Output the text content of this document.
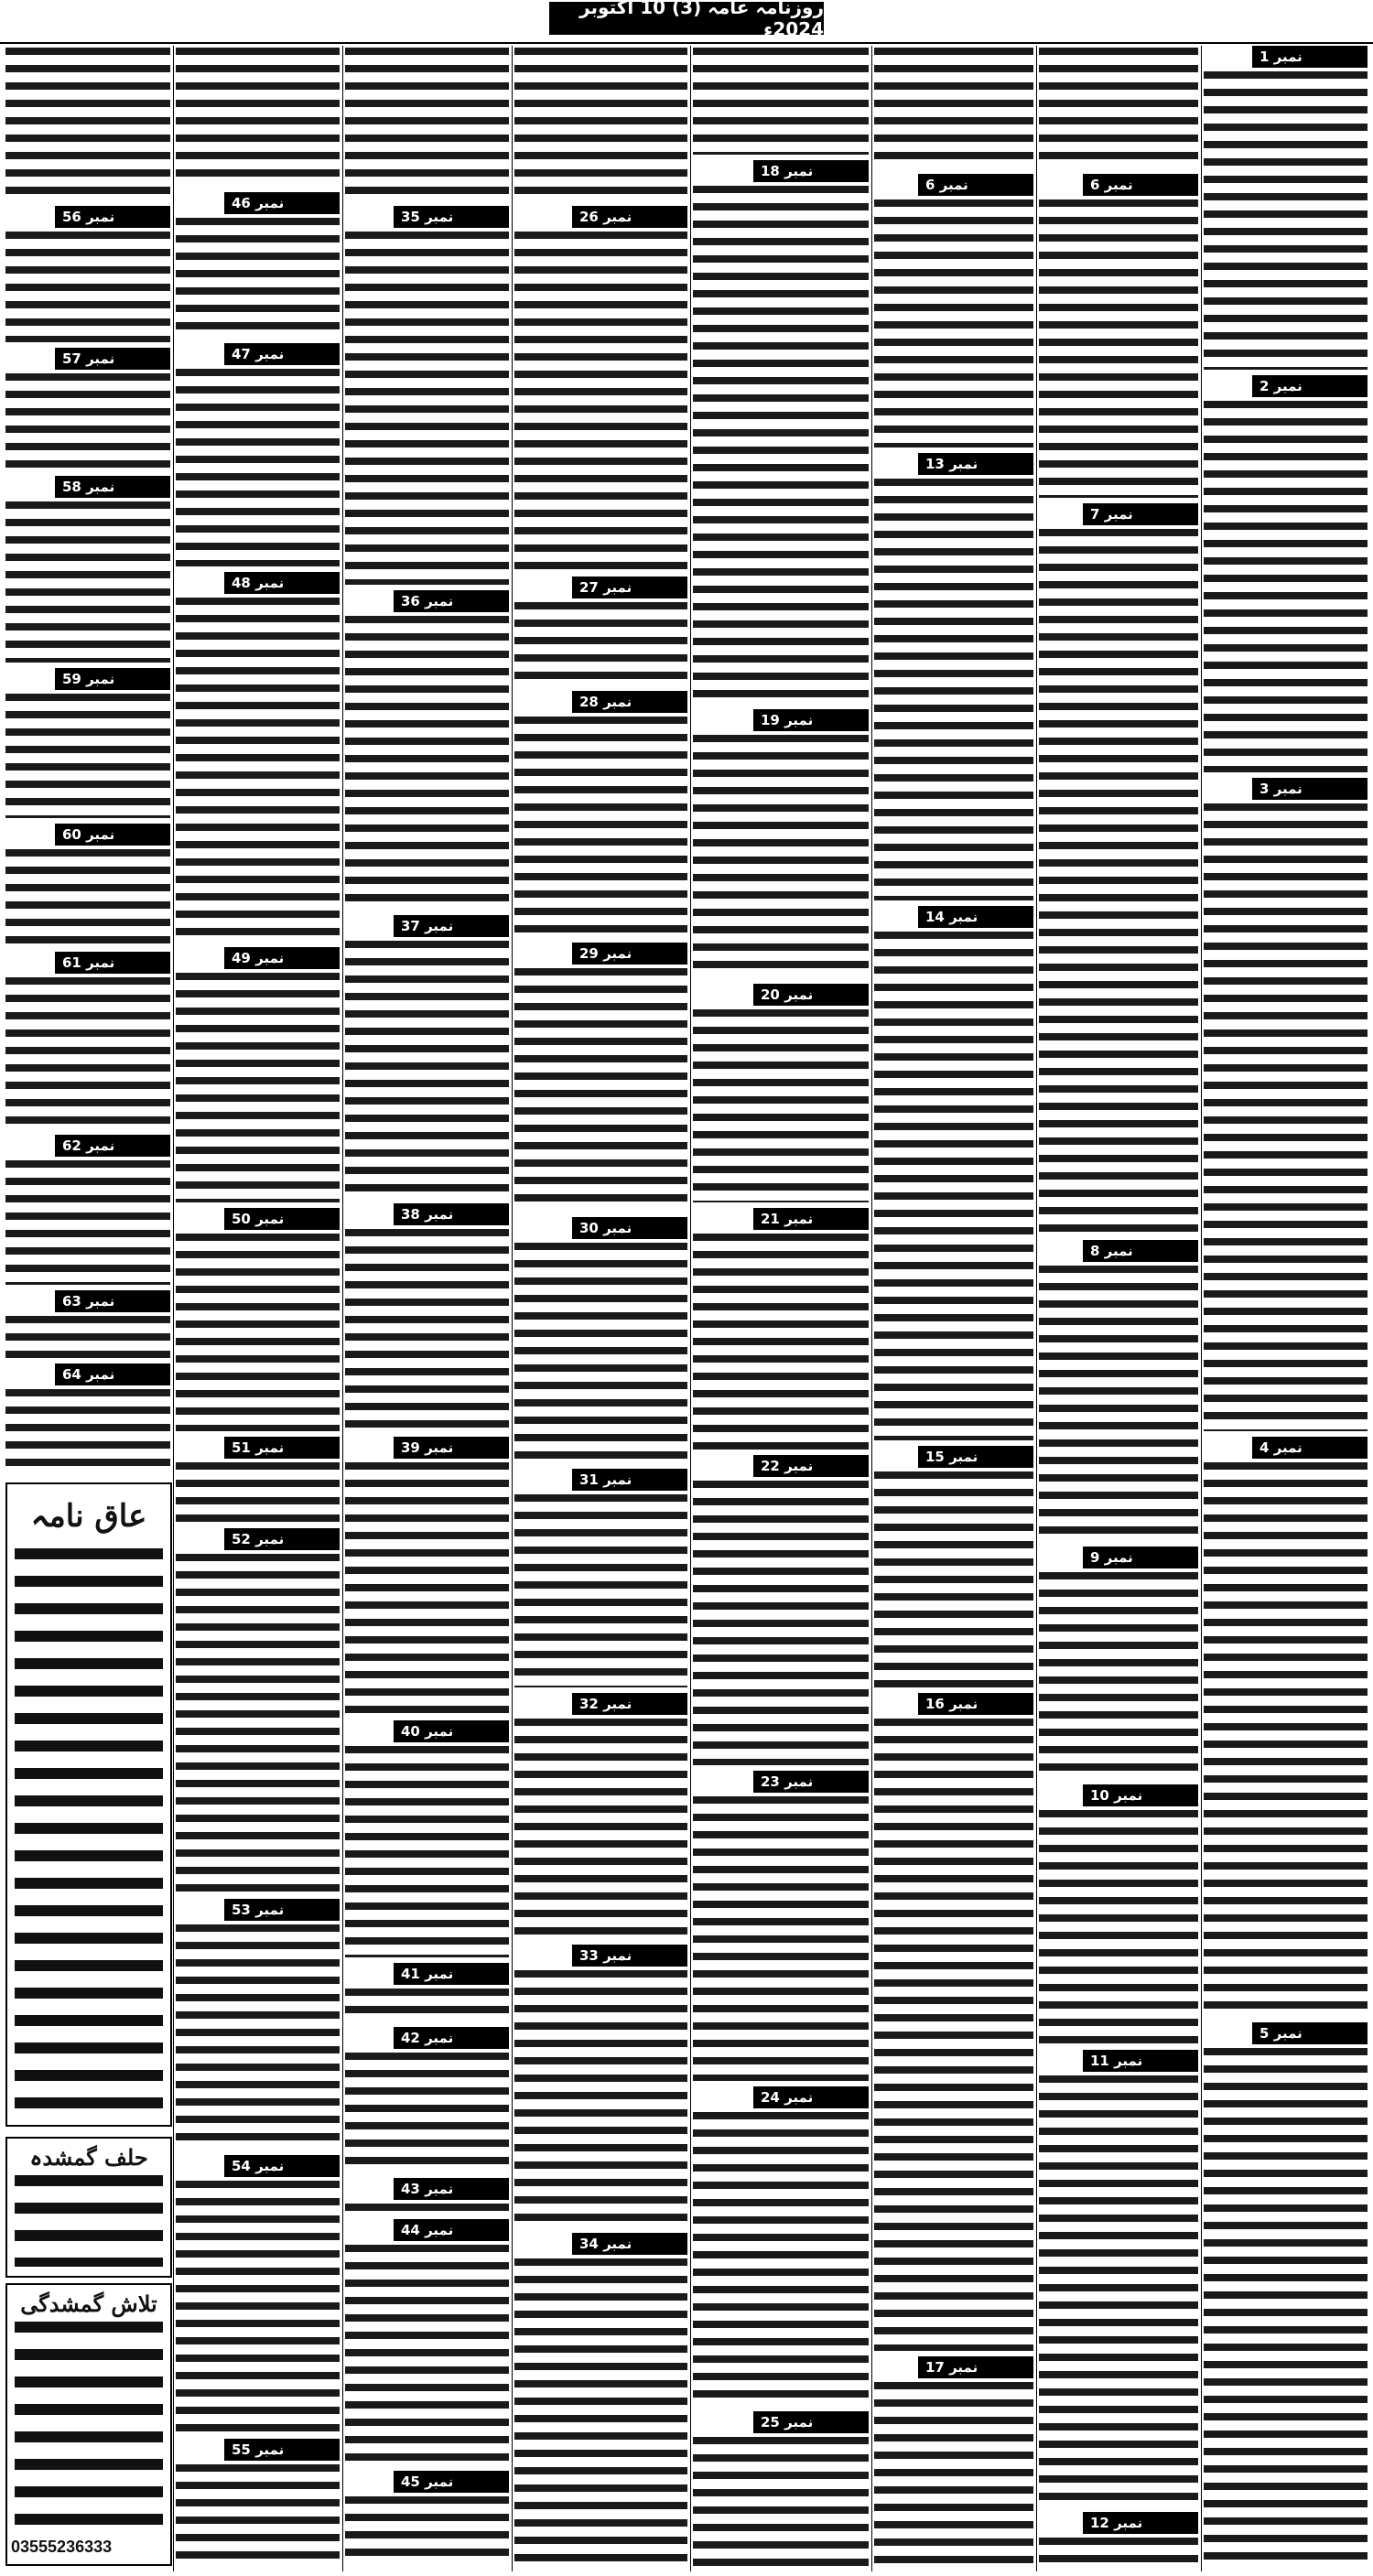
روزنامہ عامہ (3) 10 اکتوبر 2024ء
نمبر 1
نمبر 2
نمبر 3
نمبر 4
نمبر 5
نمبر 6
نمبر 7
نمبر 8
نمبر 9
نمبر 10
نمبر 11
نمبر 12
نمبر 6
نمبر 13
نمبر 14
نمبر 15
نمبر 16
نمبر 17
نمبر 18
نمبر 19
نمبر 20
نمبر 21
نمبر 22
نمبر 23
نمبر 24
نمبر 25
نمبر 26
نمبر 27
نمبر 28
نمبر 29
نمبر 30
نمبر 31
نمبر 32
نمبر 33
نمبر 34
نمبر 35
نمبر 36
نمبر 37
نمبر 38
نمبر 39
نمبر 40
نمبر 41
نمبر 42
نمبر 43
نمبر 44
نمبر 45
نمبر 46
نمبر 47
نمبر 48
نمبر 49
نمبر 50
نمبر 51
نمبر 52
نمبر 53
نمبر 54
نمبر 55
نمبر 56
نمبر 57
نمبر 58
نمبر 59
نمبر 60
نمبر 61
نمبر 62
نمبر 63
نمبر 64
عاق نامہ
حلف گمشدہ
تلاش گمشدگی
03555236333
